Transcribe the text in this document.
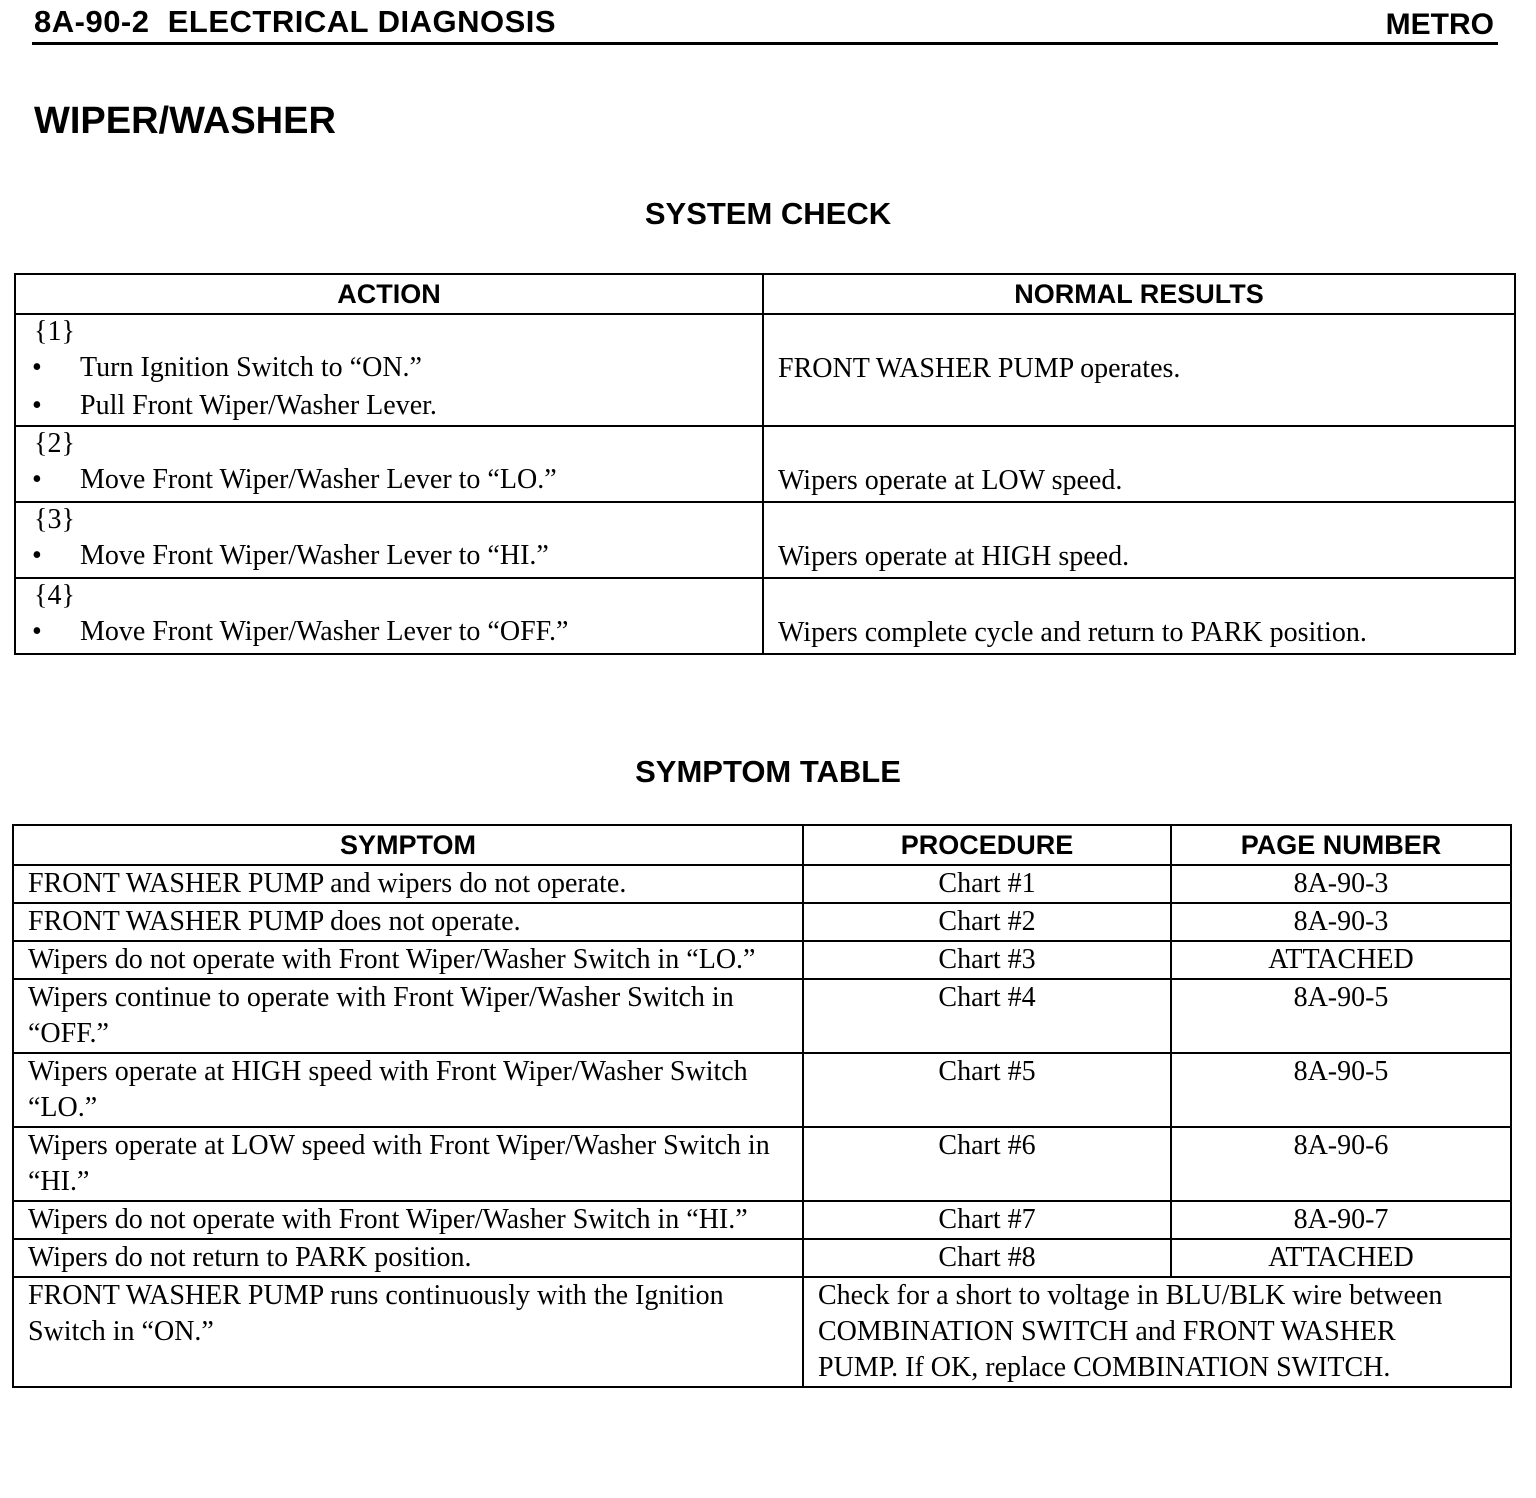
8A-90-2  ELECTRICAL DIAGNOSIS	METRO
WIPER/WASHER
SYSTEM CHECK
ACTION	NORMAL RESULTS

{1}
• Turn Ignition Switch to “ON.”
• Pull Front Wiper/Washer Lever.	FRONT WASHER PUMP operates.

{2}
• Move Front Wiper/Washer Lever to “LO.”	Wipers operate at LOW speed.

{3}
• Move Front Wiper/Washer Lever to “HI.”	Wipers operate at HIGH speed.

{4}
• Move Front Wiper/Washer Lever to “OFF.”	Wipers complete cycle and return to PARK position.
SYMPTOM TABLE
SYMPTOM	PROCEDURE	PAGE NUMBER
FRONT WASHER PUMP and wipers do not operate.	Chart #1	8A-90-3
FRONT WASHER PUMP does not operate.	Chart #2	8A-90-3
Wipers do not operate with Front Wiper/Washer Switch in “LO.”	Chart #3	ATTACHED
Wipers continue to operate with Front Wiper/Washer Switch in “OFF.”	Chart #4	8A-90-5
Wipers operate at HIGH speed with Front Wiper/Washer Switch “LO.”	Chart #5	8A-90-5
Wipers operate at LOW speed with Front Wiper/Washer Switch in “HI.”	Chart #6	8A-90-6
Wipers do not operate with Front Wiper/Washer Switch in “HI.”	Chart #7	8A-90-7
Wipers do not return to PARK position.	Chart #8	ATTACHED
FRONT WASHER PUMP runs continuously with the Ignition Switch in “ON.”	Check for a short to voltage in BLU/BLK wire between COMBINATION SWITCH and FRONT WASHER PUMP. If OK, replace COMBINATION SWITCH.	
